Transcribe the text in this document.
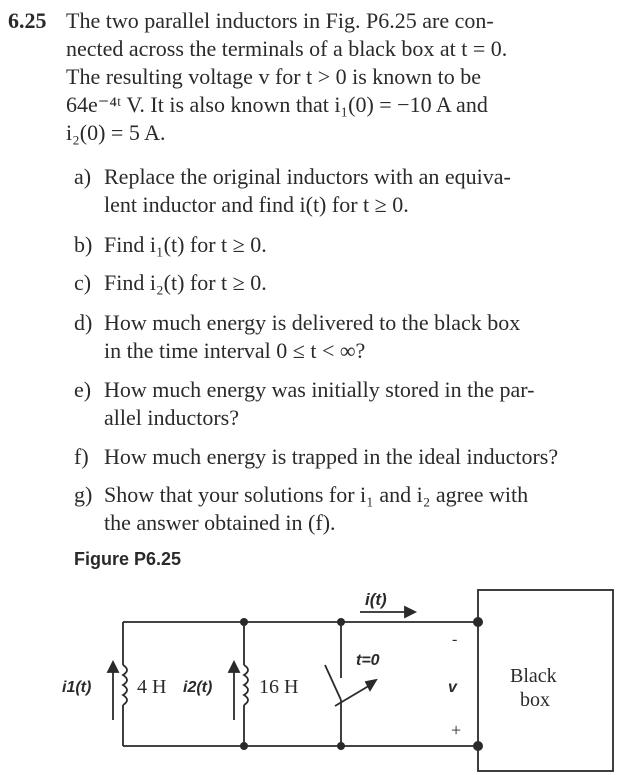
6.25 The two parallel inductors in Fig. P6.25 are con-
nected across the terminals of a black box at t = 0.
The resulting voltage v for t > 0 is known to be
64e⁻⁴ᵗ V. It is also known that i₁(0) = −10 A and
i₂(0) = 5 A.
a) Replace the original inductors with an equiva-
lent inductor and find i(t) for t ≥ 0.
b) Find i₁(t) for t ≥ 0.
c) Find i₂(t) for t ≥ 0.
d) How much energy is delivered to the black box
in the time interval 0 ≤ t < ∞?
e) How much energy was initially stored in the par-
allel inductors?
f) How much energy is trapped in the ideal inductors?
g) Show that your solutions for i₁ and i₂ agree with
the answer obtained in (f).
Figure P6.25
i(t)
t=0
i1(t) 4 H i2(t) 16 H	v
-
+
Black
box
